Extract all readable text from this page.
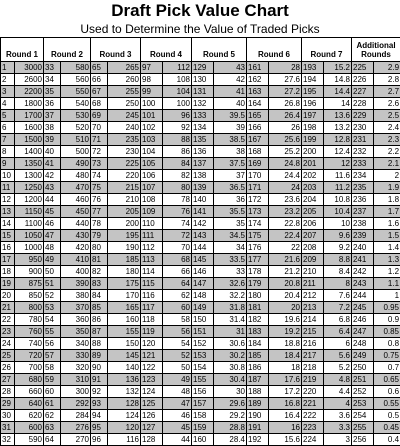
Draft Pick Value Chart
Used to Determine the Value of Traded Picks
Round 1		Round 2		Round 3		Round 4		Round 5		Round 6		Round 7		Additional
Rounds	
1	3000	33	580	65	265	97	112	129	43	161	28	193	15.2	225	2.9
2	2600	34	560	66	260	98	108	130	42	162	27.6	194	14.8	226	2.8
3	2200	35	550	67	255	99	104	131	41	163	27.2	195	14.4	227	2.7
4	1800	36	540	68	250	100	100	132	40	164	26.8	196	14	228	2.6
5	1700	37	530	69	245	101	96	133	39.5	165	26.4	197	13.6	229	2.5
6	1600	38	520	70	240	102	92	134	39	166	26	198	13.2	230	2.4
7	1500	39	510	71	235	103	88	135	38.5	167	25.6	199	12.8	231	2.3
8	1400	40	500	72	230	104	86	136	38	168	25.2	200	12.4	232	2.2
9	1350	41	490	73	225	105	84	137	37.5	169	24.8	201	12	233	2.1
10	1300	42	480	74	220	106	82	138	37	170	24.4	202	11.6	234	2
11	1250	43	470	75	215	107	80	139	36.5	171	24	203	11.2	235	1.9
12	1200	44	460	76	210	108	78	140	36	172	23.6	204	10.8	236	1.8
13	1150	45	450	77	205	109	76	141	35.5	173	23.2	205	10.4	237	1.7
14	1100	46	440	78	200	110	74	142	35	174	22.8	206	10	238	1.6
15	1050	47	430	79	195	111	72	143	34.5	175	22.4	207	9.6	239	1.5
16	1000	48	420	80	190	112	70	144	34	176	22	208	9.2	240	1.4
17	950	49	410	81	185	113	68	145	33.5	177	21.6	209	8.8	241	1.3
18	900	50	400	82	180	114	66	146	33	178	21.2	210	8.4	242	1.2
19	875	51	390	83	175	115	64	147	32.6	179	20.8	211	8	243	1.1
20	850	52	380	84	170	116	62	148	32.2	180	20.4	212	7.6	244	1
21	800	53	370	85	165	117	60	149	31.8	181	20	213	7.2	245	0.95
22	780	54	360	86	160	118	58	150	31.4	182	19.6	214	6.8	246	0.9
23	760	55	350	87	155	119	56	151	31	183	19.2	215	6.4	247	0.85
24	740	56	340	88	150	120	54	152	30.6	184	18.8	216	6	248	0.8
25	720	57	330	89	145	121	52	153	30.2	185	18.4	217	5.6	249	0.75
26	700	58	320	90	140	122	50	154	30.8	186	18	218	5.2	250	0.7
27	680	59	310	91	136	123	49	155	30.4	187	17.6	219	4.8	251	0.65
28	660	60	300	92	132	124	48	156	30	188	17.2	220	4.4	252	0.6
29	640	61	292	93	128	125	47	157	29.6	189	16.8	221	4	253	0.55
30	620	62	284	94	124	126	46	158	29.2	190	16.4	222	3.6	254	0.5
31	600	63	276	95	120	127	45	159	28.8	191	16	223	3.3	255	0.45
32	590	64	270	96	116	128	44	160	28.4	192	15.6	224	3	256	0.4
